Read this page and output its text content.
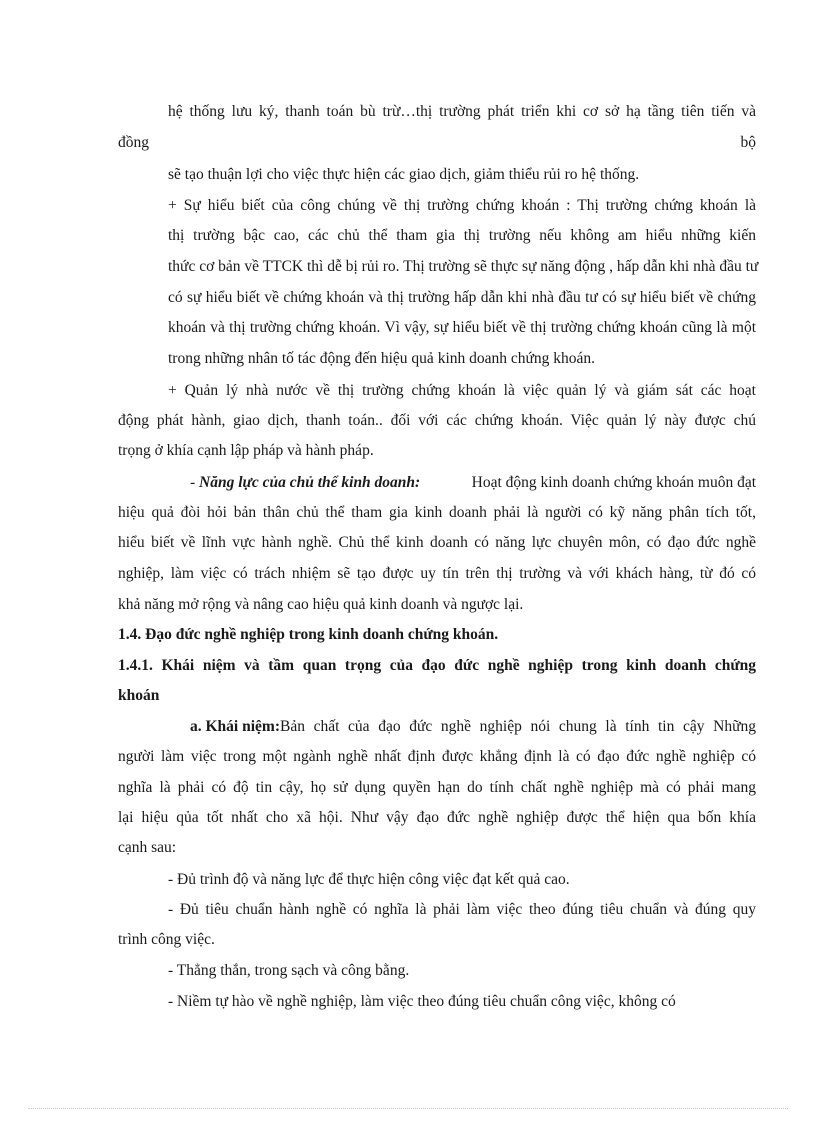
hệ thống lưu ký, thanh toán bù trừ…thị trường phát triển khi cơ sở hạ tầng tiên tiến và
đồng	bộ
sẽ tạo thuận lợi cho việc thực hiện các giao dịch, giảm thiểu rủi ro hệ thống.
+ Sự hiểu biết của công chúng về thị trường chứng khoán : Thị trường chứng khoán là
thị trường bậc cao, các chủ thể tham gia thị trường nếu không am hiểu những kiến
thức cơ bản về TTCK thì dễ bị rủi ro. Thị trường sẽ thực sự năng động , hấp dẫn khi nhà đầu tư
có sự hiểu biết về chứng khoán và thị trường hấp dẫn khi nhà đầu tư có sự hiểu biết về chứng
khoán và thị trường chứng khoán. Vì vậy, sự hiểu biết về thị trường chứng khoán cũng là một
trong những nhân tố tác động đến hiệu quả kinh doanh chứng khoán.
+ Quản lý nhà nước về thị trường chứng khoán là việc quản lý và giám sát các hoạt
động phát hành, giao dịch, thanh toán.. đối với các chứng khoán. Việc quản lý này được chú
trọng ở khía cạnh lập pháp và hành pháp.
- Năng lực của chủ thể kinh doanh:	Hoạt động kinh doanh chứng khoán muôn đạt
hiệu quả đòi hỏi bản thân chủ thể tham gia kinh doanh phải là người có kỹ năng phân tích tốt,
hiểu biết về lĩnh vực hành nghề. Chủ thể kinh doanh có năng lực chuyên môn, có đạo đức nghề
nghiệp, làm việc có trách nhiệm sẽ tạo được uy tín trên thị trường và với khách hàng, từ đó có
khả năng mở rộng và nâng cao hiệu quả kinh doanh và ngược lại.
1.4. Đạo đức nghề nghiệp trong kinh doanh chứng khoán.
1.4.1. Khái niệm và tầm quan trọng của đạo đức nghề nghiệp trong kinh doanh chứng
khoán
a. Khái niệm: Bản chất của đạo đức nghề nghiệp nói chung là tính tin cậy Những
người làm việc trong một ngành nghề nhất định được khẳng định là có đạo đức nghề nghiệp có
nghĩa là phải có độ tin cậy, họ sử dụng quyền hạn do tính chất nghề nghiệp mà có phải mang
lại hiệu qủa tốt nhất cho xã hội. Như vậy đạo đức nghề nghiệp được thể hiện qua bốn khía
cạnh sau:
- Đủ trình độ và năng lực để thực hiện công việc đạt kết quả cao.
- Đủ tiêu chuẩn hành nghề có nghĩa là phải làm việc theo đúng tiêu chuẩn và đúng quy
trình công việc.
- Thẳng thắn, trong sạch và công bằng.
- Niềm tự hào về nghề nghiệp, làm việc theo đúng tiêu chuẩn công việc, không có
